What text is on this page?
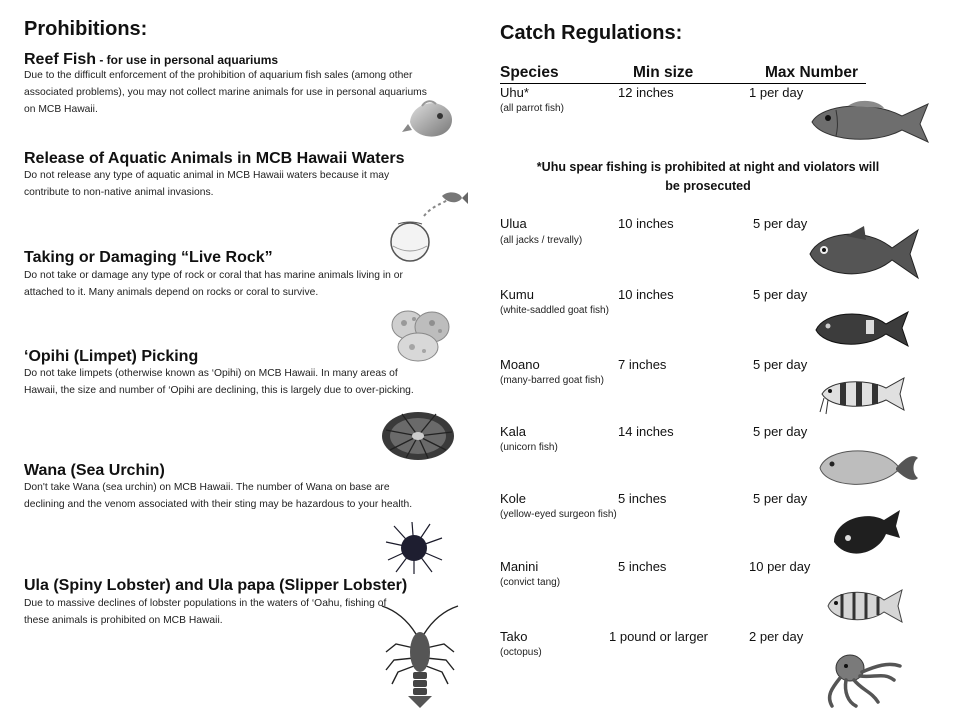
Prohibitions:
Reef Fish - for use in personal aquariums
Due to the difficult enforcement of the prohibition of aquarium fish sales (among other associated problems), you may not collect marine animals for use in personal aquariums on MCB Hawaii.
Release of Aquatic Animals in MCB Hawaii Waters
Do not release any type of aquatic animal in MCB Hawaii waters because it may contribute to non-native animal invasions.
Taking or Damaging “Live Rock”
Do not take or damage any type of rock or coral that has marine animals living in or attached to it. Many animals depend on rocks or coral to survive.
‘Opihi (Limpet) Picking
Do not take limpets (otherwise known as ‘Opihi) on MCB Hawaii. In many areas of Hawaii, the size and number of ‘Opihi are declining, this is largely due to over-picking.
Wana (Sea Urchin)
Don't take Wana (sea urchin) on MCB Hawaii. The number of Wana on base are declining and the venom associated with their sting may be hazardous to your health.
Ula (Spiny Lobster) and Ula papa (Slipper Lobster)
Due to massive declines of lobster populations in the waters of ‘Oahu, fishing of these animals is prohibited on MCB Hawaii.
Catch Regulations:
Species	Min size	Max Number
Uhu*
(all parrot fish)
12 inches	1 per day
*Uhu spear fishing is prohibited at night and violators will be prosecuted
Ulua
(all jacks / trevally)
10 inches	5 per day
Kumu
(white-saddled goat fish)
10 inches	5 per day
Moano
(many-barred goat fish)
7 inches	5 per day
Kala
(unicorn fish)
14 inches	5 per day
Kole
(yellow-eyed surgeon fish)
5 inches	5 per day
Manini
(convict tang)
5 inches	10 per day
Tako
(octopus)
1 pound or larger	2 per day
